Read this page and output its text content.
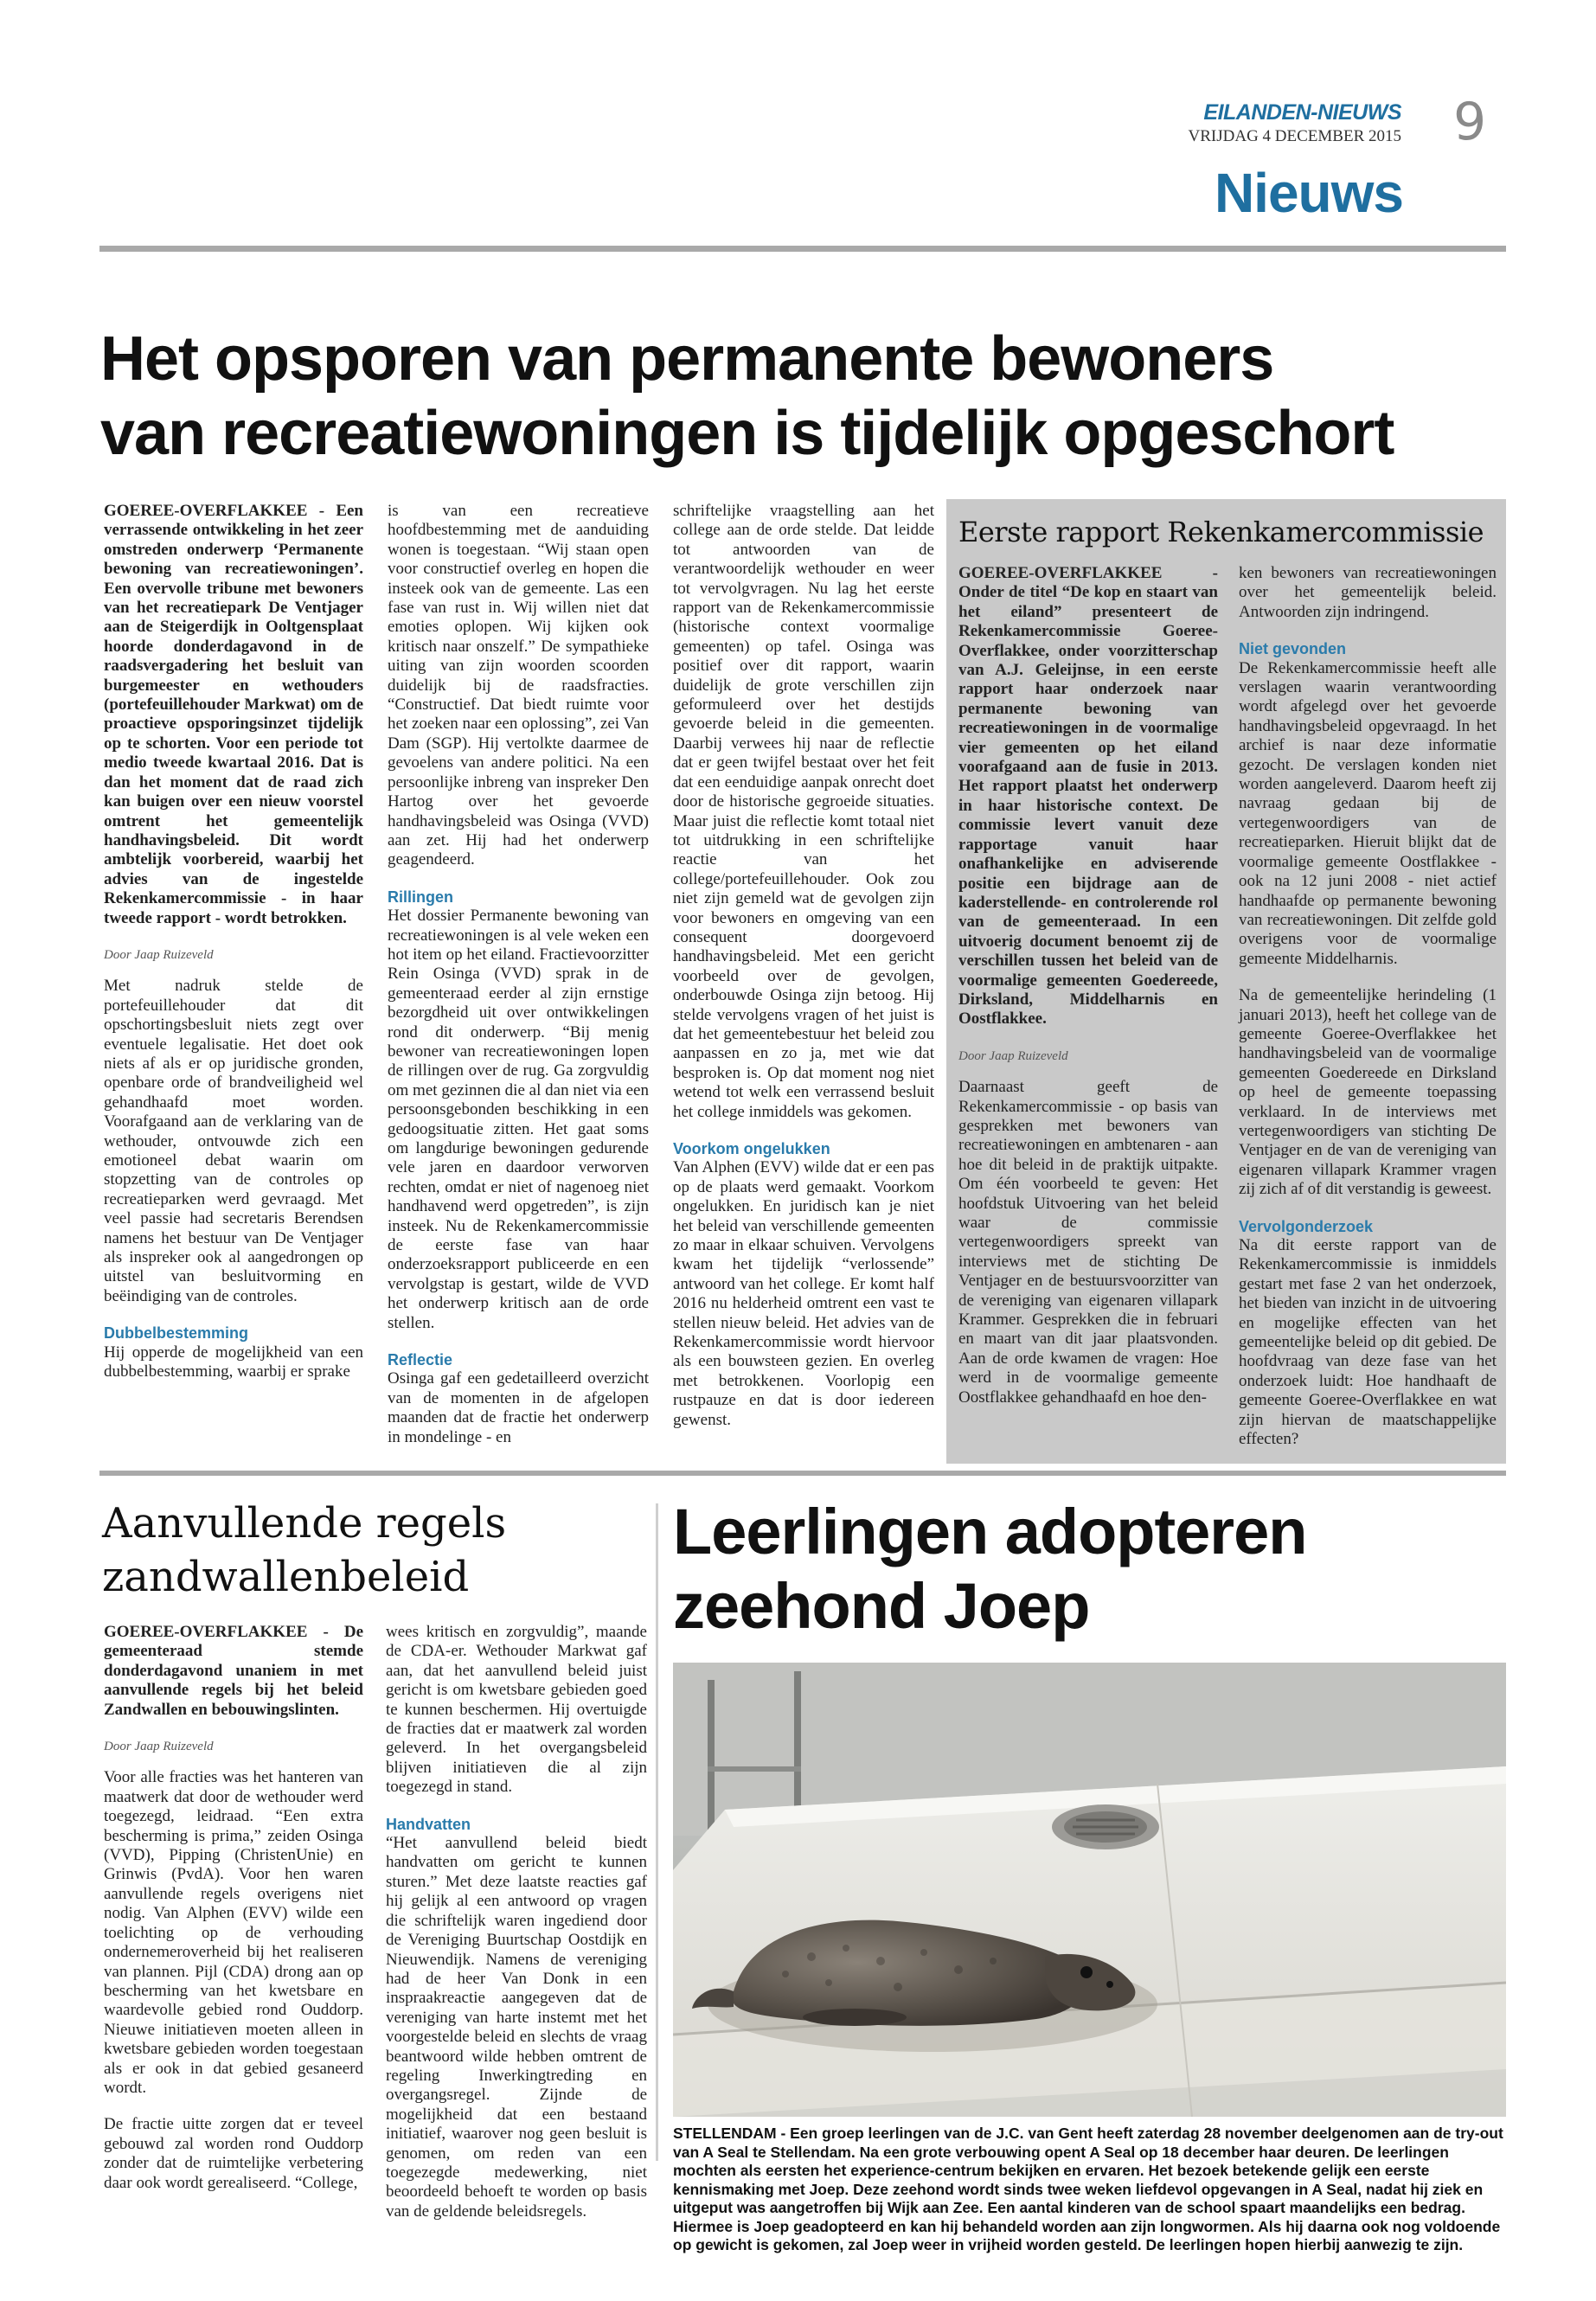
EILANDEN-NIEUWS
VRIJDAG 4 DECEMBER 2015 9
Nieuws
Het opsporen van permanente bewoners
van recreatiewoningen is tijdelijk opgeschort

GOEREE-OVERFLAKKEE - Een verrassende ontwikkeling in het zeer omstreden onderwerp ‘Permanente bewoning van recreatiewoningen’. Een overvolle tribune met bewoners van het recreatiepark De Ventjager aan de Steigerdijk in Ooltgensplaat hoorde donderdagavond in de raadsvergadering het besluit van burgemeester en wethouders (portefeuillehouder Markwat) om de proactieve opsporingsinzet tijdelijk op te schorten. Voor een periode tot medio tweede kwartaal 2016. Dat is dan het moment dat de raad zich kan buigen over een nieuw voorstel omtrent het gemeentelijk handhavingsbeleid. Dit wordt ambtelijk voorbereid, waarbij het advies van de ingestelde Rekenkamercommissie - in haar tweede rapport - wordt betrokken.

Door Jaap Ruizeveld

Met nadruk stelde de portefeuillehouder dat dit opschortingsbesluit niets zegt over eventuele legalisatie. Het doet ook niets af als er op juridische gronden, openbare orde of brandveiligheid wel gehandhaafd moet worden. Voorafgaand aan de verklaring van de wethouder, ontvouwde zich een emotioneel debat waarin om stopzetting van de controles op recreatieparken werd gevraagd. Met veel passie had secretaris Berendsen namens het bestuur van De Ventjager als inspreker ook al aangedrongen op uitstel van besluitvorming en beëindiging van de controles.

Dubbelbestemming

Hij opperde de mogelijkheid van een dubbelbestemming, waarbij er sprake

is van een recreatieve hoofdbestemming met de aanduiding wonen is toegestaan. “Wij staan open voor constructief overleg en hopen die insteek ook van de gemeente. Las een fase van rust in. Wij willen niet dat emoties oplopen. Wij kijken ook kritisch naar onszelf.” De sympathieke uiting van zijn woorden scoorden duidelijk bij de raadsfracties. “Constructief. Dat biedt ruimte voor het zoeken naar een oplossing”, zei Van Dam (SGP). Hij vertolkte daarmee de gevoelens van andere politici. Na een persoonlijke inbreng van inspreker Den Hartog over het gevoerde handhavingsbeleid was Osinga (VVD) aan zet. Hij had het onderwerp geagendeerd.

Rillingen

Het dossier Permanente bewoning van recreatiewoningen is al vele weken een hot item op het eiland. Fractievoorzitter Rein Osinga (VVD) sprak in de gemeenteraad eerder al zijn ernstige bezorgdheid uit over ontwikkelingen rond dit onderwerp. “Bij menig bewoner van recreatiewoningen lopen de rillingen over de rug. Ga zorgvuldig om met gezinnen die al dan niet via een persoonsgebonden beschikking in een gedoogsituatie zitten. Het gaat soms om langdurige bewoningen gedurende vele jaren en daardoor verworven rechten, omdat er niet of nagenoeg niet handhavend werd opgetreden”, is zijn insteek. Nu de Rekenkamercommissie de eerste fase van haar onderzoeksrapport publiceerde en een vervolgstap is gestart, wilde de VVD het onderwerp kritisch aan de orde stellen.

Reflectie

Osinga gaf een gedetailleerd overzicht van de momenten in de afgelopen maanden dat de fractie het onderwerp in mondelinge - en

schriftelijke vraagstelling aan het college aan de orde stelde. Dat leidde tot antwoorden van de verantwoordelijk wethouder en weer tot vervolgvragen. Nu lag het eerste rapport van de Rekenkamercommissie (historische context voormalige gemeenten) op tafel. Osinga was positief over dit rapport, waarin duidelijk de grote verschillen zijn geformuleerd over het destijds gevoerde beleid in die gemeenten. Daarbij verwees hij naar de reflectie dat er geen twijfel bestaat over het feit dat een eenduidige aanpak onrecht doet door de historische gegroeide situaties. Maar juist die reflectie komt totaal niet tot uitdrukking in een schriftelijke reactie van het college/portefeuillehouder. Ook zou niet zijn gemeld wat de gevolgen zijn voor bewoners en omgeving van een consequent doorgevoerd handhavingsbeleid. Met een gericht voorbeeld over de gevolgen, onderbouwde Osinga zijn betoog. Hij stelde vervolgens vragen of het juist is dat het gemeentebestuur het beleid zou aanpassen en zo ja, met wie dat besproken is. Op dat moment nog niet wetend tot welk een verrassend besluit het college inmiddels was gekomen.

Voorkom ongelukken

Van Alphen (EVV) wilde dat er een pas op de plaats werd gemaakt. Voorkom ongelukken. En juridisch kan je niet het beleid van verschillende gemeenten zo maar in elkaar schuiven. Vervolgens kwam het tijdelijk “verlossende” antwoord van het college. Er komt half 2016 nu helderheid omtrent een vast te stellen nieuw beleid. Het advies van de Rekenkamercommissie wordt hiervoor als een bouwsteen gezien. En overleg met betrokkenen. Voorlopig een rustpauze en dat is door iedereen gewenst.

Eerste rapport Rekenkamercommissie

GOEREE-OVERFLAKKEE - Onder de titel “De kop en staart van het eiland” presenteert de Rekenkamercommissie Goeree-Overflakkee, onder voorzitterschap van A.J. Geleijnse, in een eerste rapport haar onderzoek naar permanente bewoning van recreatiewoningen in de voormalige vier gemeenten op het eiland voorafgaand aan de fusie in 2013. Het rapport plaatst het onderwerp in haar historische context. De commissie levert vanuit deze rapportage vanuit haar onafhankelijke en adviserende positie een bijdrage aan de kaderstellende- en controlerende rol van de gemeenteraad. In een uitvoerig document benoemt zij de verschillen tussen het beleid van de voormalige gemeenten Goedereede, Dirksland, Middelharnis en Oostflakkee.

Door Jaap Ruizeveld

Daarnaast geeft de Rekenkamercommissie - op basis van gesprekken met bewoners van recreatiewoningen en ambtenaren - aan hoe dit beleid in de praktijk uitpakte. Om één voorbeeld te geven: Het hoofdstuk Uitvoering van het beleid waar de commissie vertegenwoordigers spreekt van interviews met de stichting De Ventjager en de bestuursvoorzitter van de vereniging van eigenaren villapark Krammer. Gesprekken die in februari en maart van dit jaar plaatsvonden. Aan de orde kwamen de vragen: Hoe werd in de voormalige gemeente Oostflakkee gehandhaafd en hoe den-

ken bewoners van recreatiewoningen over het gemeentelijk beleid. Antwoorden zijn indringend.

Niet gevonden

De Rekenkamercommissie heeft alle verslagen waarin verantwoording wordt afgelegd over het gevoerde handhavingsbeleid opgevraagd. In het archief is naar deze informatie gezocht. De verslagen konden niet worden aangeleverd. Daarom heeft zij navraag gedaan bij de vertegenwoordigers van de recreatieparken. Hieruit blijkt dat de voormalige gemeente Oostflakkee - ook na 12 juni 2008 - niet actief handhaafde op permanente bewoning van recreatiewoningen. Dit zelfde gold overigens voor de voormalige gemeente Middelharnis.

Na de gemeentelijke herindeling (1 januari 2013), heeft het college van de gemeente Goeree-Overflakkee het handhavingsbeleid van de voormalige gemeenten Goedereede en Dirksland op heel de gemeente toepassing verklaard. In de interviews met vertegenwoordigers van stichting De Ventjager en de van de vereniging van eigenaren villapark Krammer vragen zij zich af of dit verstandig is geweest.

Vervolgonderzoek

Na dit eerste rapport van de Rekenkamercommissie is inmiddels gestart met fase 2 van het onderzoek, het bieden van inzicht in de uitvoering en mogelijke effecten van het gemeentelijke beleid op dit gebied. De hoofdvraag van deze fase van het onderzoek luidt: Hoe handhaaft de gemeente Goeree-Overflakkee en wat zijn hiervan de maatschappelijke effecten?

Aanvullende regels
zandwallenbeleid

GOEREE-OVERFLAKKEE - De gemeenteraad stemde donderdagavond unaniem in met aanvullende regels bij het beleid Zandwallen en bebouwingslinten.

Door Jaap Ruizeveld

Voor alle fracties was het hanteren van maatwerk dat door de wethouder werd toegezegd, leidraad. “Een extra bescherming is prima,” zeiden Osinga (VVD), Pipping (ChristenUnie) en Grinwis (PvdA). Voor hen waren aanvullende regels overigens niet nodig. Van Alphen (EVV) wilde een toelichting op de verhouding ondernemeroverheid bij het realiseren van plannen. Pijl (CDA) drong aan op bescherming van het kwetsbare en waardevolle gebied rond Ouddorp. Nieuwe initiatieven moeten alleen in kwetsbare gebieden worden toegestaan als er ook in dat gebied gesaneerd wordt.

De fractie uitte zorgen dat er teveel gebouwd zal worden rond Ouddorp zonder dat de ruimtelijke verbetering daar ook wordt gerealiseerd. “College,

wees kritisch en zorgvuldig”, maande de CDA-er. Wethouder Markwat gaf aan, dat het aanvullend beleid juist gericht is om kwetsbare gebieden goed te kunnen beschermen. Hij overtuigde de fracties dat er maatwerk zal worden geleverd. In het overgangsbeleid blijven initiatieven die al zijn toegezegd in stand.

Handvatten

“Het aanvullend beleid biedt handvatten om gericht te kunnen sturen.” Met deze laatste reacties gaf hij gelijk al een antwoord op vragen die schriftelijk waren ingediend door de Vereniging Buurtschap Oostdijk en Nieuwendijk. Namens de vereniging had de heer Van Donk in een inspraakreactie aangegeven dat de vereniging van harte instemt met het voorgestelde beleid en slechts de vraag beantwoord wilde hebben omtrent de regeling Inwerkingtreding en overgangsregel. Zijnde de mogelijkheid dat een bestaand initiatief, waarover nog geen besluit is genomen, om reden van een toegezegde medewerking, niet beoordeeld behoeft te worden op basis van de geldende beleidsregels.

Leerlingen adopteren
zeehond Joep
STELLENDAM - Een groep leerlingen van de J.C. van Gent heeft zaterdag 28 november deelgenomen aan de try-out van A Seal te Stellendam. Na een grote verbouwing opent A Seal op 18 december haar deuren. De leerlingen mochten als eersten het experience-centrum bekijken en ervaren. Het bezoek betekende gelijk een eerste kennismaking met Joep. Deze zeehond wordt sinds twee weken liefdevol opgevangen in A Seal, nadat hij ziek en uitgeput was aangetroffen bij Wijk aan Zee. Een aantal kinderen van de school spaart maandelijks een bedrag. Hiermee is Joep geadopteerd en kan hij behandeld worden aan zijn longwormen. Als hij daarna ook nog voldoende op gewicht is gekomen, zal Joep weer in vrijheid worden gesteld. De leerlingen hopen hierbij aanwezig te zijn.
